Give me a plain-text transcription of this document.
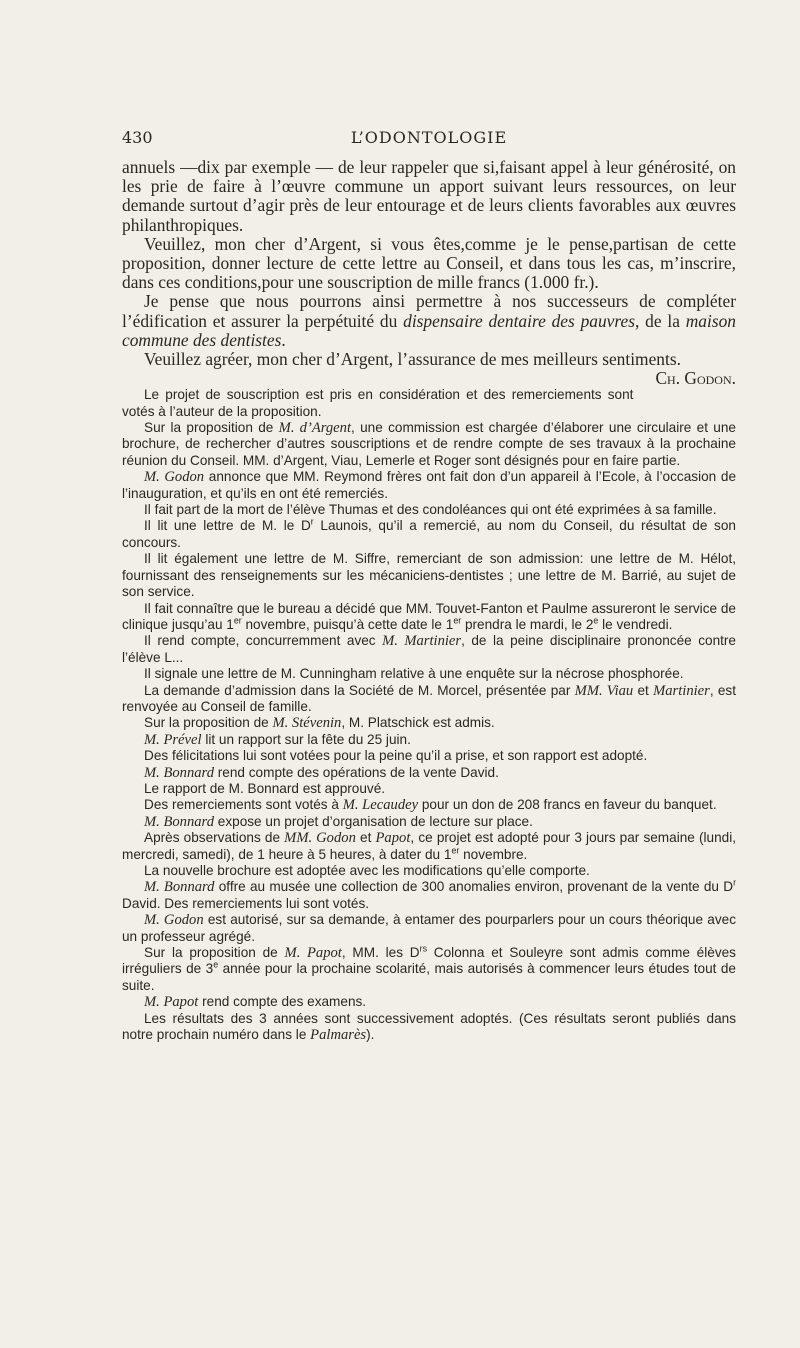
430	L’ODONTOLOGIE

annuels —dix par exemple — de leur rappeler que si,faisant appel à leur générosité, on les prie de faire à l’œuvre commune un apport suivant leurs ressources, on leur demande surtout d’agir près de leur entourage et de leurs clients favorables aux œuvres philanthropiques.

Veuillez, mon cher d’Argent, si vous êtes,comme je le pense,partisan de cette proposition, donner lecture de cette lettre au Conseil, et dans tous les cas, m’inscrire, dans ces conditions,pour une souscription de mille francs (1.000 fr.).

Je pense que nous pourrons ainsi permettre à nos successeurs de compléter l’édification et assurer la perpétuité du dispensaire dentaire des pauvres, de la maison commune des dentistes.

Veuillez agréer, mon cher d’Argent, l’assurance de mes meilleurs sentiments.
Ch. Godon.

Le projet de souscription est pris en considération et des remerciements sont votés à l’auteur de la proposition.

Sur la proposition de M. d’Argent, une commission est chargée d’élaborer une circulaire et une brochure, de rechercher d’autres souscriptions et de rendre compte de ses travaux à la prochaine réunion du Conseil. MM. d’Argent, Viau, Lemerle et Roger sont désignés pour en faire partie.

M. Godon annonce que MM. Reymond frères ont fait don d’un appareil à l’Ecole, à l’occasion de l’inauguration, et qu’ils en ont été remerciés.

Il fait part de la mort de l’élève Thumas et des condoléances qui ont été exprimées à sa famille.

Il lit une lettre de M. le $D^r$ Launois, qu’il a remercié, au nom du Conseil, du résultat de son concours.

Il lit également une lettre de M. Siffre, remerciant de son admission: une lettre de M. Hélot, fournissant des renseignements sur les mécaniciens-dentistes ; une lettre de M. Barrié, au sujet de son service.

Il fait connaître que le bureau a décidé que MM. Touvet-Fanton et Paulme assureront le service de clinique jusqu’au 1er novembre, puisqu’à cette date le 1er prendra le mardi, le 2e le vendredi.

Il rend compte, concurremment avec M. Martinier, de la peine disciplinaire prononcée contre l’élève L...

Il signale une lettre de M. Cunningham relative à une enquête sur la nécrose phosphorée.

La demande d’admission dans la Société de M. Morcel, présentée par MM. Viau et Martinier, est renvoyée au Conseil de famille.

Sur la proposition de M. Stévenin, M. Platschick est admis.

M. Prével lit un rapport sur la fête du 25 juin.

Des félicitations lui sont votées pour la peine qu’il a prise, et son rapport est adopté.

M. Bonnard rend compte des opérations de la vente David.

Le rapport de M. Bonnard est approuvé.

Des remerciements sont votés à M. Lecaudey pour un don de 208 francs en faveur du banquet.

M. Bonnard expose un projet d’organisation de lecture sur place.

Après observations de MM. Godon et Papot, ce projet est adopté pour 3 jours par semaine (lundi, mercredi, samedi), de 1 heure à 5 heures, à dater du 1er novembre.

La nouvelle brochure est adoptée avec les modifications qu’elle comporte.

M. Bonnard offre au musée une collection de 300 anomalies environ, provenant de la vente du $D^r$ David. Des remerciements lui sont votés.

M. Godon est autorisé, sur sa demande, à entamer des pourparlers pour un cours théorique avec un professeur agrégé.

Sur la proposition de M. Papot, MM. les $D^{rs}$ Colonna et Souleyre sont admis comme élèves irréguliers de 3e année pour la prochaine scolarité, mais autorisés à commencer leurs études tout de suite.

M. Papot rend compte des examens.

Les résultats des 3 années sont successivement adoptés. (Ces résultats seront publiés dans notre prochain numéro dans le Palmarès).
